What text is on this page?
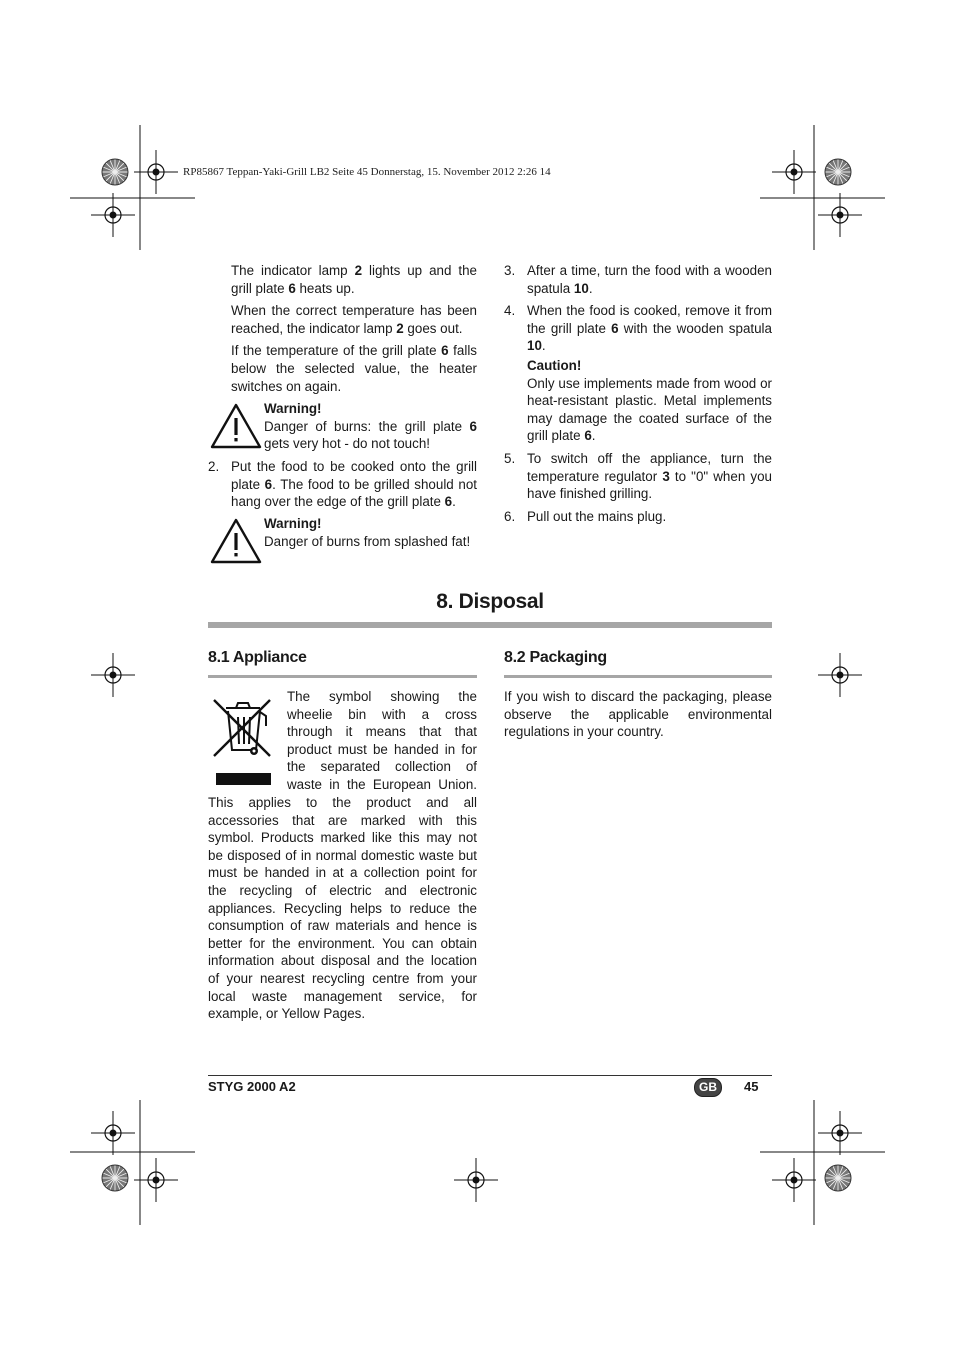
RP85867 Teppan-Yaki-Grill LB2 Seite 45 Donnerstag, 15. November 2012 2:26 14

The indicator lamp 2 lights up and the grill plate 6 heats up.

When the correct temperature has been reached, the indicator lamp 2 goes out.

If the temperature of the grill plate 6 falls below the selected value, the heater switches on again.

Warning!

Danger of burns: the grill plate 6 gets very hot - do not touch!

2. Put the food to be cooked onto the grill plate 6. The food to be grilled should not hang over the edge of the grill plate 6.

Warning!

Danger of burns from splashed fat!

3. After a time, turn the food with a wooden spatula 10.
4. When the food is cooked, remove it from the grill plate 6 with the wooden spatula 10.

Caution!

Only use implements made from wood or heat-resistant plastic. Metal implements may damage the coated surface of the grill plate 6.

5. To switch off the appliance, turn the temperature regulator 3 to "0" when you have finished grilling.
6. Pull out the mains plug.
8. Disposal
8.1 Appliance

The symbol showing the

wheelie bin with a cross

through it means that that

product must be handed in for

the separated collection of

waste in the European Union.

This applies to the product and all accessories that are marked with this symbol. Products marked like this may not be disposed of in normal domestic waste but must be handed in at a collection point for the recycling of electric and electronic appliances. Recycling helps to reduce the consumption of raw materials and hence is better for the environment. You can obtain information about disposal and the location of your nearest recycling centre from your local waste management service, for example, or Yellow Pages.
8.2 Packaging
If you wish to discard the packaging, please observe the applicable environmental regulations in your country.
STYG 2000 A2	GB	45
